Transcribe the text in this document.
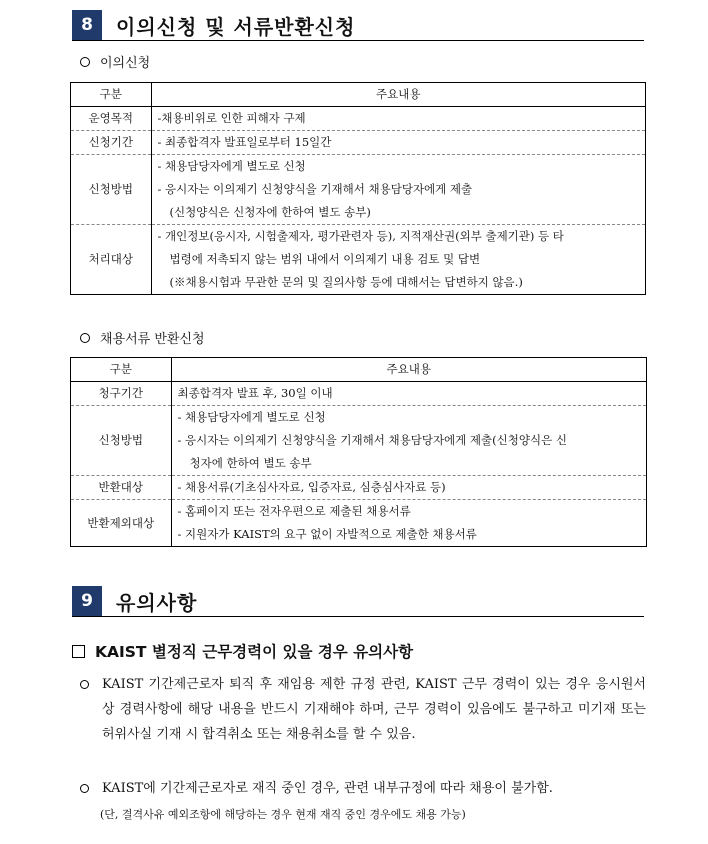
8	이의신청 및 서류반환신청
이의신청
구분	주요내용
운영목적	-채용비위로 인한 피해자 구제

신청기간	- 최종합격자 발표일로부터 15일간

신청방법	- 채용담당자에게 별도로 신청
- 응시자는 이의제기 신청양식을 기재해서 채용담당자에게 제출
(신청양식은 신청자에 한하여 별도 송부)

처리대상	- 개인정보(응시자, 시험출제자, 평가관련자 등), 지적재산권(외부 출제기관) 등 타
법령에 저촉되지 않는 범위 내에서 이의제기 내용 검토 및 답변
(※채용시험과 무관한 문의 및 질의사항 등에 대해서는 답변하지 않음.)
채용서류 반환신청
구분	주요내용
청구기간	최종합격자 발표 후, 30일 이내

신청방법	- 채용담당자에게 별도로 신청
- 응시자는 이의제기 신청양식을 기재해서 채용담당자에게 제출(신청양식은 신
청자에 한하여 별도 송부

반환대상	- 채용서류(기초심사자료, 입증자료, 심층심사자료 등)

반환제외대상	- 홈페이지 또는 전자우편으로 제출된 채용서류
- 지원자가 KAIST의 요구 없이 자발적으로 제출한 채용서류
9	유의사항
KAIST 별정직 근무경력이 있을 경우 유의사항
KAIST 기간제근로자 퇴직 후 재임용 제한 규정 관련, KAIST 근무 경력이 있는 경우 응시원서 상 경력사항에 해당 내용을 반드시 기재해야 하며, 근무 경력이 있음에도 불구하고 미기재 또는 허위사실 기재 시 합격취소 또는 채용취소를 할 수 있음.
KAIST에 기간제근로자로 재직 중인 경우, 관련 내부규정에 따라 채용이 불가함.
(단, 결격사유 예외조항에 해당하는 경우 현재 재직 중인 경우에도 채용 가능)
